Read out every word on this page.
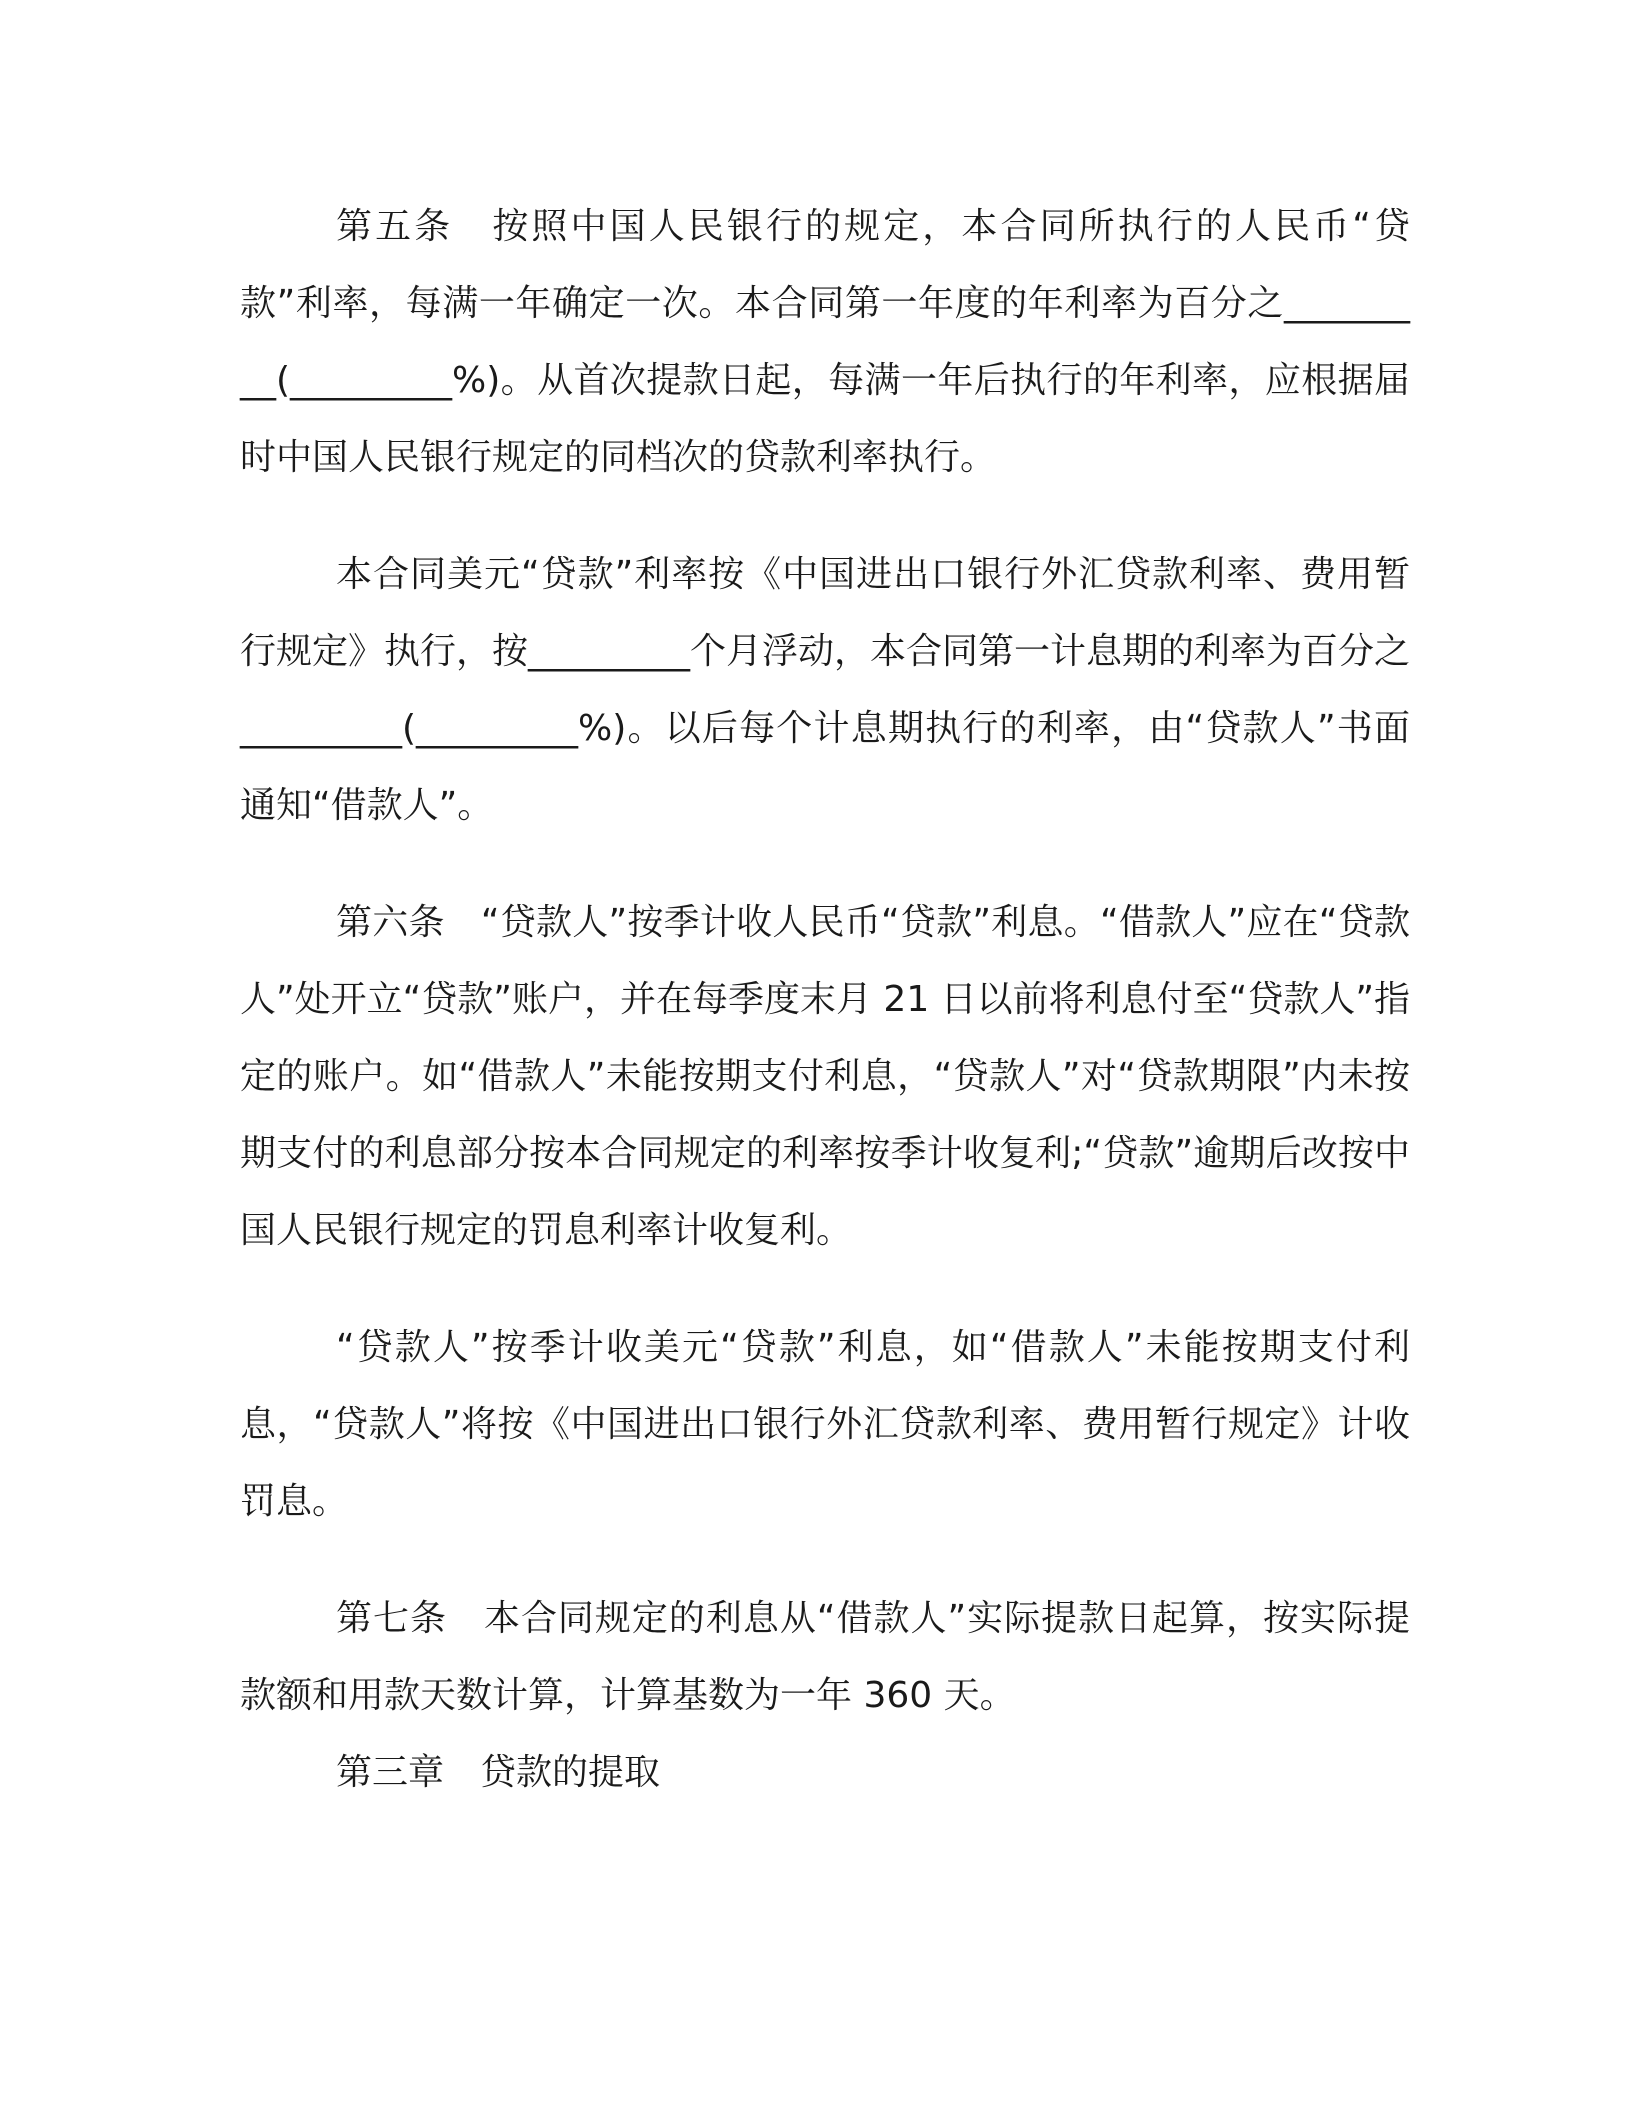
第五条　按照中国人民银行的规定，本合同所执行的人民币“贷款”利率，每满一年确定一次。本合同第一年度的年利率为百分之_________(_________%)。从首次提款日起，每满一年后执行的年利率，应根据届时中国人民银行规定的同档次的贷款利率执行。

本合同美元“贷款”利率按《中国进出口银行外汇贷款利率、费用暂行规定》执行，按_________个月浮动，本合同第一计息期的利率为百分之_________(_________%)。以后每个计息期执行的利率，由“贷款人”书面通知“借款人”。

第六条　“贷款人”按季计收人民币“贷款”利息。“借款人”应在“贷款人”处开立“贷款”账户，并在每季度末月 21 日以前将利息付至“贷款人”指定的账户。如“借款人”未能按期支付利息，“贷款人”对“贷款期限”内未按期支付的利息部分按本合同规定的利率按季计收复利;“贷款”逾期后改按中国人民银行规定的罚息利率计收复利。

“贷款人”按季计收美元“贷款”利息，如“借款人”未能按期支付利息，“贷款人”将按《中国进出口银行外汇贷款利率、费用暂行规定》计收罚息。

第七条　本合同规定的利息从“借款人”实际提款日起算，按实际提款额和用款天数计算，计算基数为一年 360 天。

第三章　贷款的提取
